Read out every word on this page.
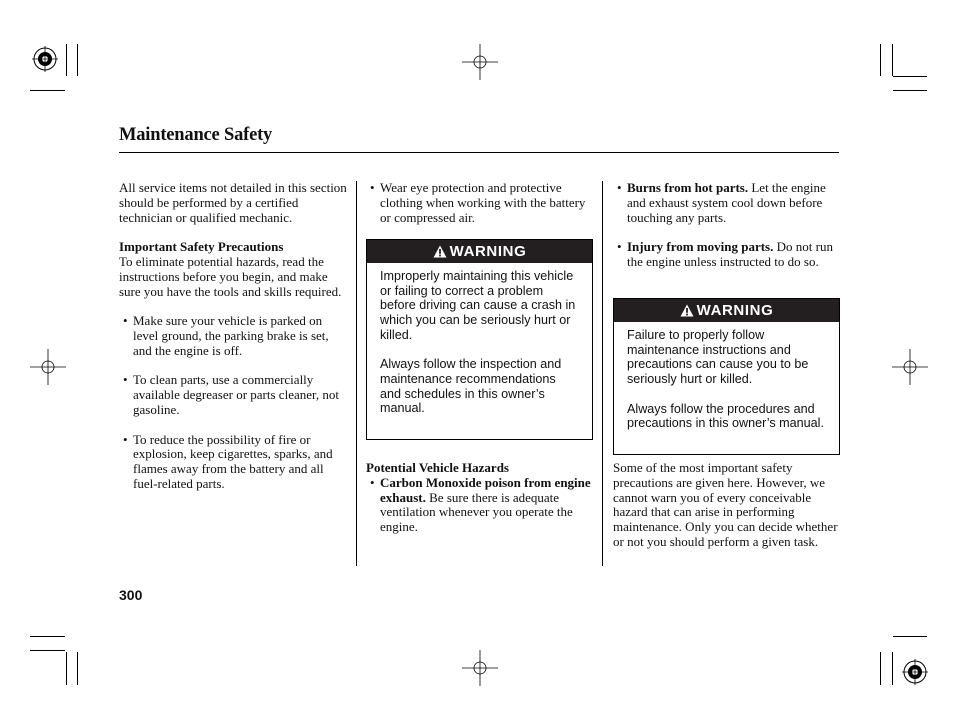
Maintenance Safety

All service items not detailed in this section should be performed by a certified technician or qualified mechanic.

Important Safety Precautions

To eliminate potential hazards, read the instructions before you begin, and make sure you have the tools and skills required.

• Make sure your vehicle is parked on level ground, the parking brake is set, and the engine is off.
• To clean parts, use a commercially available degreaser or parts cleaner, not gasoline.
• To reduce the possibility of fire or explosion, keep cigarettes, sparks, and flames away from the battery and all fuel-related parts.
• Wear eye protection and protective clothing when working with the battery or compressed air.
WARNING

Improperly maintaining this vehicle or failing to correct a problem before driving can cause a crash in which you can be seriously hurt or killed.

Always follow the inspection and maintenance recommendations and schedules in this owner’s manual.

Potential Vehicle Hazards

• Carbon Monoxide poison from engine exhaust. Be sure there is adequate ventilation whenever you operate the engine.
• Burns from hot parts. Let the engine and exhaust system cool down before touching any parts.
• Injury from moving parts. Do not run the engine unless instructed to do so.
WARNING

Failure to properly follow maintenance instructions and precautions can cause you to be seriously hurt or killed.

Always follow the procedures and precautions in this owner’s manual.

Some of the most important safety precautions are given here. However, we cannot warn you of every conceivable hazard that can arise in performing maintenance. Only you can decide whether or not you should perform a given task.

300
